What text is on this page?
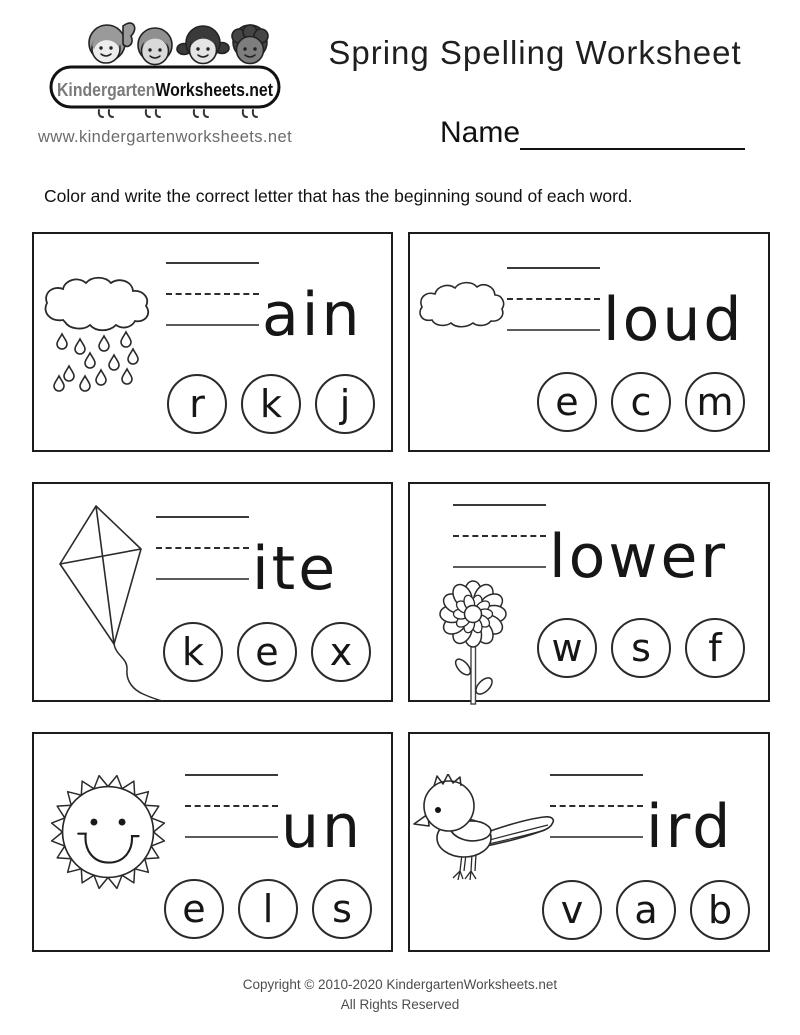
KindergartenWorksheets.net
www.kindergartenworksheets.net
Spring Spelling Worksheet
Name

Color and write the correct letter that has the beginning sound of each word.

ain
r k j
loud
e c m
ite
k e x
lower
w s f
un
e l s
ird
v a b
Copyright © 2010-2020 KindergartenWorksheets.net
All Rights Reserved
